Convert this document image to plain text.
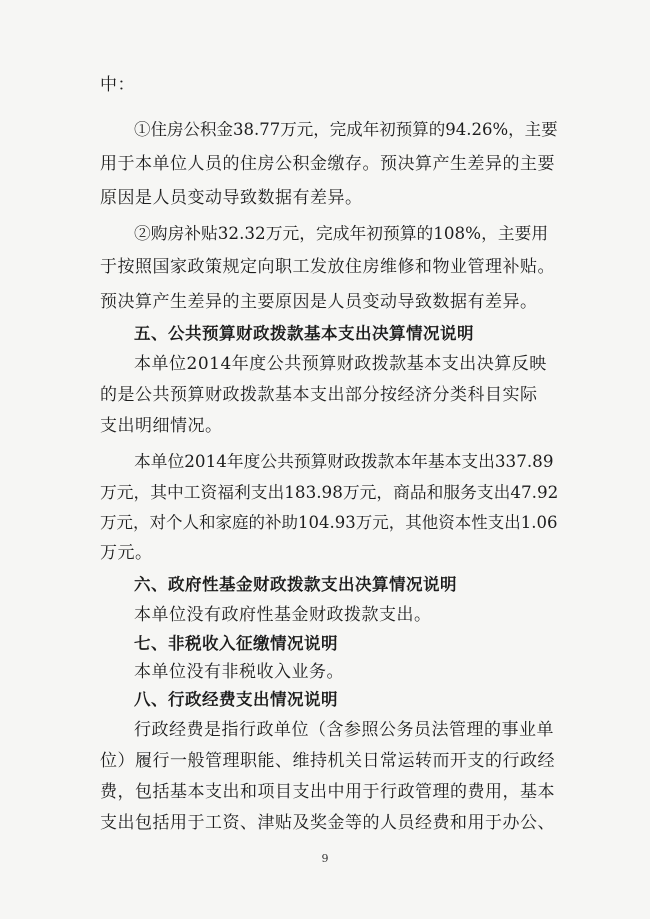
中：
①住房公积金38.77万元，完成年初预算的94.26%，主要
用于本单位人员的住房公积金缴存。预决算产生差异的主要
原因是人员变动导致数据有差异。
②购房补贴32.32万元，完成年初预算的108%，主要用
于按照国家政策规定向职工发放住房维修和物业管理补贴。
预决算产生差异的主要原因是人员变动导致数据有差异。
五、公共预算财政拨款基本支出决算情况说明
本单位2014年度公共预算财政拨款基本支出决算反映
的是公共预算财政拨款基本支出部分按经济分类科目实际
支出明细情况。
本单位2014年度公共预算财政拨款本年基本支出337.89
万元，其中工资福利支出183.98万元，商品和服务支出47.92
万元，对个人和家庭的补助104.93万元，其他资本性支出1.06
万元。
六、政府性基金财政拨款支出决算情况说明
本单位没有政府性基金财政拨款支出。
七、非税收入征缴情况说明
本单位没有非税收入业务。
八、行政经费支出情况说明
行政经费是指行政单位（含参照公务员法管理的事业单
位）履行一般管理职能、维持机关日常运转而开支的行政经
费，包括基本支出和项目支出中用于行政管理的费用，基本
支出包括用于工资、津贴及奖金等的人员经费和用于办公、
9
